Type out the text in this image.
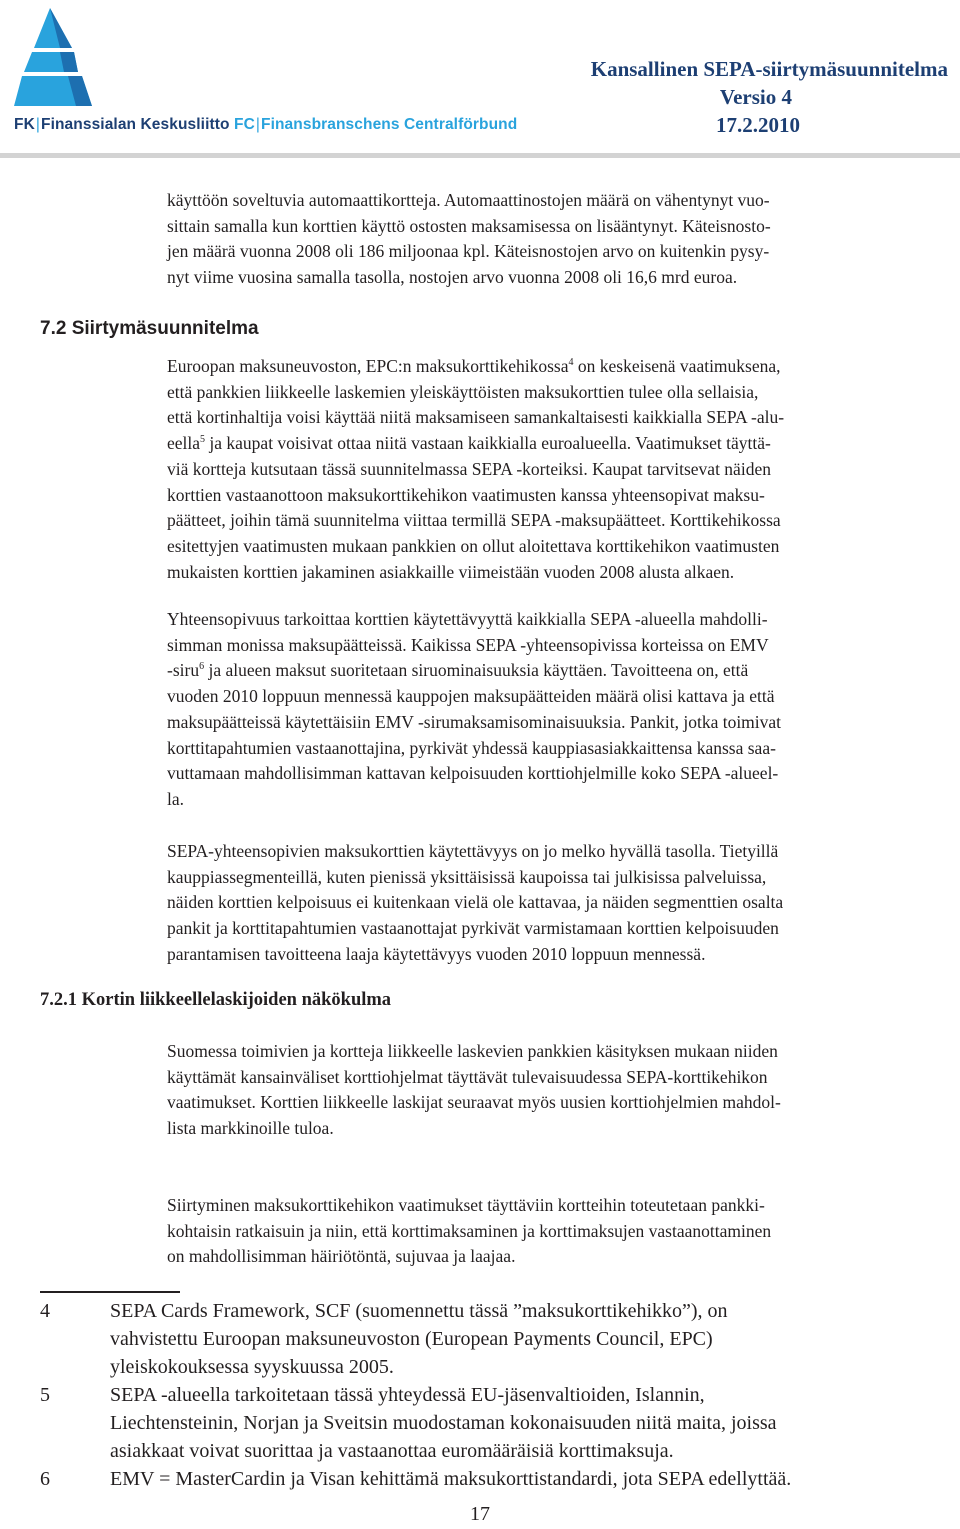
FK|Finanssialan Keskusliitto FC|Finansbranschens Centralförbund
Kansallinen SEPA-siirtymäsuunnitelma
Versio 4
17.2.2010

käyttöön soveltuvia automaattikortteja. Automaattinostojen määrä on vähentynyt vuo-
sittain samalla kun korttien käyttö ostosten maksamisessa on lisääntynyt. Käteisnosto-
jen määrä vuonna 2008 oli 186 miljoonaa kpl. Käteisnostojen arvo on kuitenkin pysy-
nyt viime vuosina samalla tasolla, nostojen arvo vuonna 2008 oli 16,6 mrd euroa.

7.2 Siirtymäsuunnitelma

Euroopan maksuneuvoston, EPC:n maksukorttikehikossa$^4$ on keskeisenä vaatimuksena,
että pankkien liikkeelle laskemien yleiskäyttöisten maksukorttien tulee olla sellaisia,
että kortinhaltija voisi käyttää niitä maksamiseen samankaltaisesti kaikkialla SEPA -alu-
eella$^5$ ja kaupat voisivat ottaa niitä vastaan kaikkialla euroalueella. Vaatimukset täyttä-
viä kortteja kutsutaan tässä suunnitelmassa SEPA -korteiksi. Kaupat tarvitsevat näiden
korttien vastaanottoon maksukorttikehikon vaatimusten kanssa yhteensopivat maksu-
päätteet, joihin tämä suunnitelma viittaa termillä SEPA -maksupäätteet. Korttikehikossa
esitettyjen vaatimusten mukaan pankkien on ollut aloitettava korttikehikon vaatimusten
mukaisten korttien jakaminen asiakkaille viimeistään vuoden 2008 alusta alkaen.

Yhteensopivuus tarkoittaa korttien käytettävyyttä kaikkialla SEPA -alueella mahdolli-
simman monissa maksupäätteissä. Kaikissa SEPA -yhteensopivissa korteissa on EMV
-siru$^6$ ja alueen maksut suoritetaan siruominaisuuksia käyttäen. Tavoitteena on, että
vuoden 2010 loppuun mennessä kauppojen maksupäätteiden määrä olisi kattava ja että
maksupäätteissä käytettäisiin EMV -sirumaksamisominaisuuksia. Pankit, jotka toimivat
korttitapahtumien vastaanottajina, pyrkivät yhdessä kauppiasasiakkaittensa kanssa saa-
vuttamaan mahdollisimman kattavan kelpoisuuden korttiohjelmille koko SEPA -alueel-
la.

SEPA-yhteensopivien maksukorttien käytettävyys on jo melko hyvällä tasolla. Tietyillä
kauppiassegmenteillä, kuten pienissä yksittäisissä kaupoissa tai julkisissa palveluissa,
näiden korttien kelpoisuus ei kuitenkaan vielä ole kattavaa, ja näiden segmenttien osalta
pankit ja korttitapahtumien vastaanottajat pyrkivät varmistamaan korttien kelpoisuuden
parantamisen tavoitteena laaja käytettävyys vuoden 2010 loppuun mennessä.

7.2.1 Kortin liikkeellelaskijoiden näkökulma

Suomessa toimivien ja kortteja liikkeelle laskevien pankkien käsityksen mukaan niiden
käyttämät kansainväliset korttiohjelmat täyttävät tulevaisuudessa SEPA-korttikehikon
vaatimukset. Korttien liikkeelle laskijat seuraavat myös uusien korttiohjelmien mahdol-
lista markkinoille tuloa.

Siirtyminen maksukorttikehikon vaatimukset täyttäviin kortteihin toteutetaan pankki-
kohtaisin ratkaisuin ja niin, että korttimaksaminen ja korttimaksujen vastaanottaminen
on mahdollisimman häiriötöntä, sujuvaa ja laajaa.

4	SEPA Cards Framework, SCF (suomennettu tässä ”maksukorttikehikko”), on
vahvistettu Euroopan maksuneuvoston (European Payments Council, EPC)
yleiskokouksessa syyskuussa 2005.
5	SEPA -alueella tarkoitetaan tässä yhteydessä EU-jäsenvaltioiden, Islannin,
Liechtensteinin, Norjan ja Sveitsin muodostaman kokonaisuuden niitä maita, joissa
asiakkaat voivat suorittaa ja vastaanottaa euromääräisiä korttimaksuja.
6	EMV = MasterCardin ja Visan kehittämä maksukorttistandardi, jota SEPA edellyttää.
17
